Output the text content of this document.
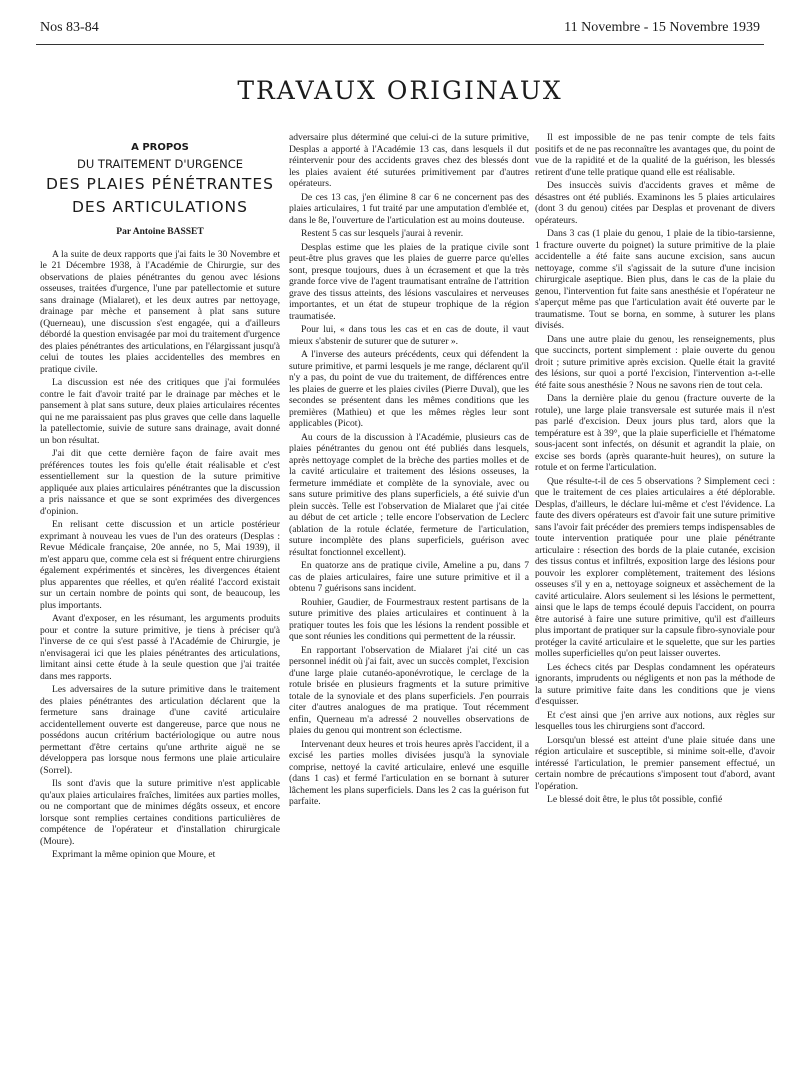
Nos 83-84	11 Novembre - 15 Novembre 1939
TRAVAUX ORIGINAUX
A PROPOS
DU TRAITEMENT D'URGENCE
DES PLAIES PÉNÉTRANTES
DES ARTICULATIONS
Par Antoine BASSET

A la suite de deux rapports que j'ai faits le 30 Novembre et le 21 Décembre 1938, à l'Académie de Chirurgie, sur des observations de plaies pénétrantes du genou avec lésions osseuses, traitées d'urgence, l'une par patellectomie et suture sans drainage (Mialaret), et les deux autres par nettoyage, drainage par mèche et pansement à plat sans suture (Querneau), une discussion s'est engagée, qui a d'ailleurs débordé la question envisagée par moi du traitement d'urgence des plaies pénétrantes des articulations, en l'élargissant jusqu'à celui de toutes les plaies accidentelles des membres en pratique civile.

La discussion est née des critiques que j'ai formulées contre le fait d'avoir traité par le drainage par mèches et le pansement à plat sans suture, deux plaies articulaires récentes qui ne me paraissaient pas plus graves que celle dans laquelle la patellectomie, suivie de suture sans drainage, avait donné un bon résultat.

J'ai dit que cette dernière façon de faire avait mes préférences toutes les fois qu'elle était réalisable et c'est essentiellement sur la question de la suture primitive appliquée aux plaies articulaires pénétrantes que la discussion a pris naissance et que se sont exprimées des divergences d'opinion.

En relisant cette discussion et un article postérieur exprimant à nouveau les vues de l'un des orateurs (Desplas : Revue Médicale française, 20e année, no 5, Mai 1939), il m'est apparu que, comme cela est si fréquent entre chirurgiens également expérimentés et sincères, les divergences étaient plus apparentes que réelles, et qu'en réalité l'accord existait sur un certain nombre de points qui sont, de beaucoup, les plus importants.

Avant d'exposer, en les résumant, les arguments produits pour et contre la suture primitive, je tiens à préciser qu'à l'inverse de ce qui s'est passé à l'Académie de Chirurgie, je n'envisagerai ici que les plaies pénétrantes des articulations, limitant ainsi cette étude à la seule question que j'ai traitée dans mes rapports.

Les adversaires de la suture primitive dans le traitement des plaies pénétrantes des articulation déclarent que la fermeture sans drainage d'une cavité articulaire accidentellement ouverte est dangereuse, parce que nous ne possédons aucun critérium bactériologique ou autre nous permettant d'être certains qu'une arthrite aiguë ne se développera pas lorsque nous fermons une plaie articulaire (Sorrel).

Ils sont d'avis que la suture primitive n'est applicable qu'aux plaies articulaires fraîches, limitées aux parties molles, ou ne comportant que de minimes dégâts osseux, et encore lorsque sont remplies certaines conditions particulières de compétence de l'opérateur et d'installation chirurgicale (Moure).

Exprimant la même opinion que Moure, et

adversaire plus déterminé que celui-ci de la suture primitive, Desplas a apporté à l'Académie 13 cas, dans lesquels il dut réintervenir pour des accidents graves chez des blessés dont les plaies avaient été suturées primitivement par d'autres opérateurs.

De ces 13 cas, j'en élimine 8 car 6 ne concernent pas des plaies articulaires, 1 fut traité par une amputation d'emblée et, dans le 8e, l'ouverture de l'articulation est au moins douteuse.

Restent 5 cas sur lesquels j'aurai à revenir.

Desplas estime que les plaies de la pratique civile sont peut-être plus graves que les plaies de guerre parce qu'elles sont, presque toujours, dues à un écrasement et que la très grande force vive de l'agent traumatisant entraîne de l'attrition grave des tissus atteints, des lésions vasculaires et nerveuses importantes, et un état de stupeur trophique de la région traumatisée.

Pour lui, « dans tous les cas et en cas de doute, il vaut mieux s'abstenir de suturer que de suturer ».

A l'inverse des auteurs précédents, ceux qui défendent la suture primitive, et parmi lesquels je me range, déclarent qu'il n'y a pas, du point de vue du traitement, de différences entre les plaies de guerre et les plaies civiles (Pierre Duval), que les secondes se présentent dans les mêmes conditions que les premières (Mathieu) et que les mêmes règles leur sont applicables (Picot).

Au cours de la discussion à l'Académie, plusieurs cas de plaies pénétrantes du genou ont été publiés dans lesquels, après nettoyage complet de la brèche des parties molles et de la cavité articulaire et traitement des lésions osseuses, la fermeture immédiate et complète de la synoviale, avec ou sans suture primitive des plans superficiels, a été suivie d'un plein succès. Telle est l'observation de Mialaret que j'ai citée au début de cet article ; telle encore l'observation de Leclerc (ablation de la rotule éclatée, fermeture de l'articulation, suture incomplète des plans superficiels, guérison avec résultat fonctionnel excellent).

En quatorze ans de pratique civile, Ameline a pu, dans 7 cas de plaies articulaires, faire une suture primitive et il a obtenu 7 guérisons sans incident.

Rouhier, Gaudier, de Fourmestraux restent partisans de la suture primitive des plaies articulaires et continuent à la pratiquer toutes les fois que les lésions la rendent possible et que sont réunies les conditions qui permettent de la réussir.

En rapportant l'observation de Mialaret j'ai cité un cas personnel inédit où j'ai fait, avec un succès complet, l'excision d'une large plaie cutanéo-aponévrotique, le cerclage de la rotule brisée en plusieurs fragments et la suture primitive totale de la synoviale et des plans superficiels. J'en pourrais citer d'autres analogues de ma pratique. Tout récemment enfin, Querneau m'a adressé 2 nouvelles observations de plaies du genou qui montrent son éclectisme.

Intervenant deux heures et trois heures après l'accident, il a excisé les parties molles divisées jusqu'à la synoviale comprise, nettoyé la cavité articulaire, enlevé une esquille (dans 1 cas) et fermé l'articulation en se bornant à suturer lâchement les plans superficiels. Dans les 2 cas la guérison fut parfaite.

Il est impossible de ne pas tenir compte de tels faits positifs et de ne pas reconnaître les avantages que, du point de vue de la rapidité et de la qualité de la guérison, les blessés retirent d'une telle pratique quand elle est réalisable.

Des insuccès suivis d'accidents graves et même de désastres ont été publiés. Examinons les 5 plaies articulaires (dont 3 du genou) citées par Desplas et provenant de divers opérateurs.

Dans 3 cas (1 plaie du genou, 1 plaie de la tibio-tarsienne, 1 fracture ouverte du poignet) la suture primitive de la plaie accidentelle a été faite sans aucune excision, sans aucun nettoyage, comme s'il s'agissait de la suture d'une incision chirurgicale aseptique. Bien plus, dans le cas de la plaie du genou, l'intervention fut faite sans anesthésie et l'opérateur ne s'aperçut même pas que l'articulation avait été ouverte par le traumatisme. Tout se borna, en somme, à suturer les plans divisés.

Dans une autre plaie du genou, les renseignements, plus que succincts, portent simplement : plaie ouverte du genou droit ; suture primitive après excision. Quelle était la gravité des lésions, sur quoi a porté l'excision, l'intervention a-t-elle été faite sous anesthésie ? Nous ne savons rien de tout cela.

Dans la dernière plaie du genou (fracture ouverte de la rotule), une large plaie transversale est suturée mais il n'est pas parlé d'excision. Deux jours plus tard, alors que la température est à 39°, que la plaie superficielle et l'hématome sous-jacent sont infectés, on désunit et agrandit la plaie, on excise ses bords (après quarante-huit heures), on suture la rotule et on ferme l'articulation.

Que résulte-t-il de ces 5 observations ? Simplement ceci : que le traitement de ces plaies articulaires a été déplorable. Desplas, d'ailleurs, le déclare lui-même et c'est l'évidence. La faute des divers opérateurs est d'avoir fait une suture primitive sans l'avoir fait précéder des premiers temps indispensables de toute intervention pratiquée pour une plaie pénétrante articulaire : résection des bords de la plaie cutanée, excision des tissus contus et infiltrés, exposition large des lésions pour pouvoir les explorer complètement, traitement des lésions osseuses s'il y en a, nettoyage soigneux et assèchement de la cavité articulaire. Alors seulement si les lésions le permettent, ainsi que le laps de temps écoulé depuis l'accident, on pourra être autorisé à faire une suture primitive, qu'il est d'ailleurs plus important de pratiquer sur la capsule fibro-synoviale pour protéger la cavité articulaire et le squelette, que sur les parties molles superficielles qu'on peut laisser ouvertes.

Les échecs cités par Desplas condamnent les opérateurs ignorants, imprudents ou négligents et non pas la méthode de la suture primitive faite dans les conditions que je viens d'esquisser.

Et c'est ainsi que j'en arrive aux notions, aux règles sur lesquelles tous les chirurgiens sont d'accord.

Lorsqu'un blessé est atteint d'une plaie située dans une région articulaire et susceptible, si minime soit-elle, d'avoir intéressé l'articulation, le premier pansement effectué, un certain nombre de précautions s'imposent tout d'abord, avant l'opération.

Le blessé doit être, le plus tôt possible, confié
